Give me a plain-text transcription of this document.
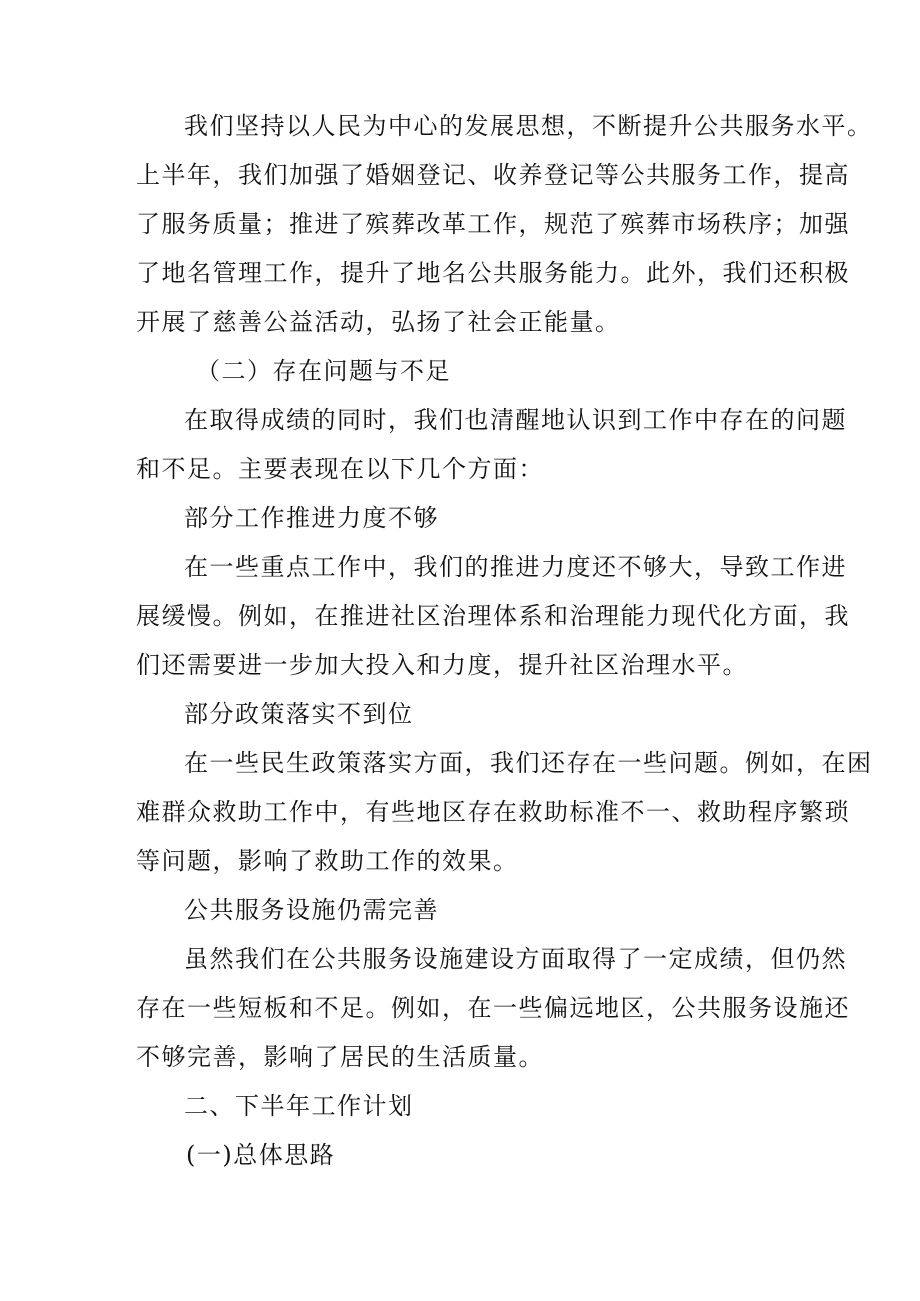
我们坚持以人民为中心的发展思想，不断提升公共服务水平。
上半年，我们加强了婚姻登记、收养登记等公共服务工作，提高
了服务质量；推进了殡葬改革工作，规范了殡葬市场秩序；加强
了地名管理工作，提升了地名公共服务能力。此外，我们还积极
开展了慈善公益活动，弘扬了社会正能量。
（二）存在问题与不足
在取得成绩的同时，我们也清醒地认识到工作中存在的问题
和不足。主要表现在以下几个方面：
部分工作推进力度不够
在一些重点工作中，我们的推进力度还不够大，导致工作进
展缓慢。例如，在推进社区治理体系和治理能力现代化方面，我
们还需要进一步加大投入和力度，提升社区治理水平。
部分政策落实不到位
在一些民生政策落实方面，我们还存在一些问题。例如，在困
难群众救助工作中，有些地区存在救助标准不一、救助程序繁琐
等问题，影响了救助工作的效果。
公共服务设施仍需完善
虽然我们在公共服务设施建设方面取得了一定成绩，但仍然
存在一些短板和不足。例如，在一些偏远地区，公共服务设施还
不够完善，影响了居民的生活质量。
二、下半年工作计划
(一)总体思路
